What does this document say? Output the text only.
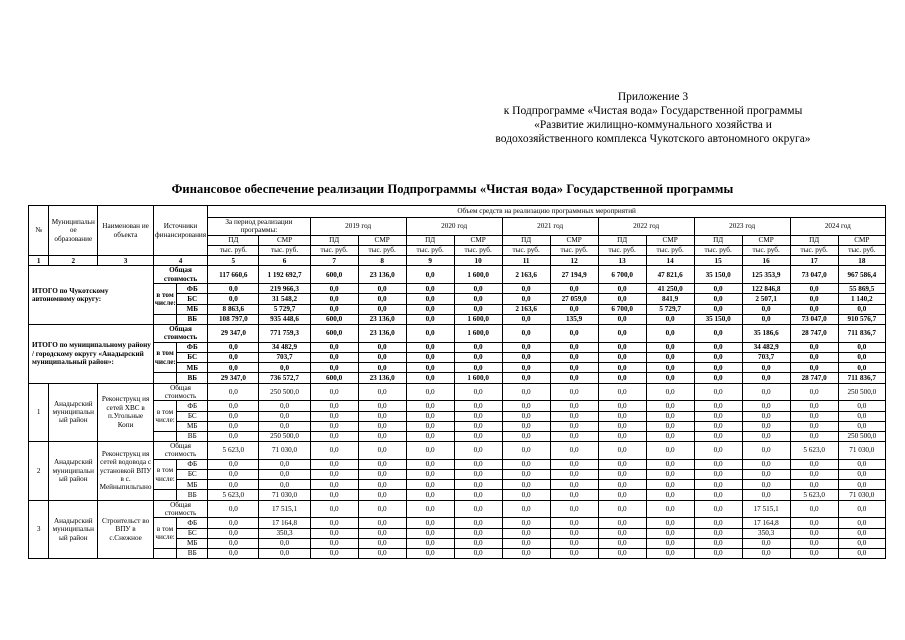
Приложение 3
к Подпрограмме «Чистая вода» Государственной программы
«Развитие жилищно-коммунального хозяйства и
водохозяйственного комплекса Чукотского автономного округа»
Финансовое обеспечение реализации Подпрограммы «Чистая вода» Государственной программы
№	Муниципальн ое образование	Наименован ие объекта	Источники финансирования		Объем средств на реализацию программных мероприятий													
					За период реализации программы:		2019 год		2020 год		2021 год		2022 год		2023 год		2024 год	
					ПД	СМР	ПД	СМР	ПД	СМР	ПД	СМР	ПД	СМР	ПД	СМР	ПД	СМР
					тыс. руб.	тыс. руб.	тыс. руб.	тыс. руб.	тыс. руб.	тыс. руб.	тыс. руб.	тыс. руб.	тыс. руб.	тыс. руб.	тыс. руб.	тыс. руб.	тыс. руб.	тыс. руб.
1	2	3	4		5	6	7	8	9	10	11	12	13	14	15	16	17	18
ИТОГО по Чукотскому автономному округу:			Общая стоимость		117 660,6	1 192 692,7	600,0	23 136,0	0,0	1 600,0	2 163,6	27 194,9	6 700,0	47 821,6	35 150,0	125 353,9	73 047,0	967 586,4
			в том числе:	ФБ	0,0	219 966,3	0,0	0,0	0,0	0,0	0,0	0,0	0,0	41 250,0	0,0	122 846,8	0,0	55 869,5
				БС	0,0	31 548,2	0,0	0,0	0,0	0,0	0,0	27 059,0	0,0	841,9	0,0	2 507,1	0,0	1 140,2
				МБ	8 863,6	5 729,7	0,0	0,0	0,0	0,0	2 163,6	0,0	6 700,0	5 729,7	0,0	0,0	0,0	0,0
				ВБ	108 797,0	935 448,6	600,0	23 136,0	0,0	1 600,0	0,0	135,9	0,0	0,0	35 150,0	0,0	73 047,0	910 576,7
ИТОГО по муниципальному району / городскому округу «Анадырский муниципальный район»:			Общая стоимость		29 347,0	771 759,3	600,0	23 136,0	0,0	1 600,0	0,0	0,0	0,0	0,0	0,0	35 186,6	28 747,0	711 836,7
			в том числе:	ФБ	0,0	34 482,9	0,0	0,0	0,0	0,0	0,0	0,0	0,0	0,0	0,0	34 482,9	0,0	0,0
				БС	0,0	703,7	0,0	0,0	0,0	0,0	0,0	0,0	0,0	0,0	0,0	703,7	0,0	0,0
				МБ	0,0	0,0	0,0	0,0	0,0	0,0	0,0	0,0	0,0	0,0	0,0	0,0	0,0	0,0
				ВБ	29 347,0	736 572,7	600,0	23 136,0	0,0	1 600,0	0,0	0,0	0,0	0,0	0,0	0,0	28 747,0	711 836,7
1	Анадырский муниципальн ый район	Реконструкц ия сетей ХВС в п.Угольные Копи	Общая стоимость		0,0	250 500,0	0,0	0,0	0,0	0,0	0,0	0,0	0,0	0,0	0,0	0,0	0,0	250 500,0
			в том числе:	ФБ	0,0	0,0	0,0	0,0	0,0	0,0	0,0	0,0	0,0	0,0	0,0	0,0	0,0	0,0
				БС	0,0	0,0	0,0	0,0	0,0	0,0	0,0	0,0	0,0	0,0	0,0	0,0	0,0	0,0
				МБ	0,0	0,0	0,0	0,0	0,0	0,0	0,0	0,0	0,0	0,0	0,0	0,0	0,0	0,0
				ВБ	0,0	250 500,0	0,0	0,0	0,0	0,0	0,0	0,0	0,0	0,0	0,0	0,0	0,0	250 500,0
2	Анадырский муниципальн ый район	Реконструкц ия сетей водовода с установкой ВПУ в с. Мейныпильгыно	Общая стоимость		5 623,0	71 030,0	0,0	0,0	0,0	0,0	0,0	0,0	0,0	0,0	0,0	0,0	5 623,0	71 030,0
			в том числе:	ФБ	0,0	0,0	0,0	0,0	0,0	0,0	0,0	0,0	0,0	0,0	0,0	0,0	0,0	0,0
				БС	0,0	0,0	0,0	0,0	0,0	0,0	0,0	0,0	0,0	0,0	0,0	0,0	0,0	0,0
				МБ	0,0	0,0	0,0	0,0	0,0	0,0	0,0	0,0	0,0	0,0	0,0	0,0	0,0	0,0
				ВБ	5 623,0	71 030,0	0,0	0,0	0,0	0,0	0,0	0,0	0,0	0,0	0,0	0,0	5 623,0	71 030,0
3	Анадырский муниципальн ый район	Строительст во ВПУ в с.Снежное	Общая стоимость		0,0	17 515,1	0,0	0,0	0,0	0,0	0,0	0,0	0,0	0,0	0,0	17 515,1	0,0	0,0
			в том числе:	ФБ	0,0	17 164,8	0,0	0,0	0,0	0,0	0,0	0,0	0,0	0,0	0,0	17 164,8	0,0	0,0
				БС	0,0	350,3	0,0	0,0	0,0	0,0	0,0	0,0	0,0	0,0	0,0	350,3	0,0	0,0
				МБ	0,0	0,0	0,0	0,0	0,0	0,0	0,0	0,0	0,0	0,0	0,0	0,0	0,0	0,0
				ВБ	0,0	0,0	0,0	0,0	0,0	0,0	0,0	0,0	0,0	0,0	0,0	0,0	0,0	0,0
